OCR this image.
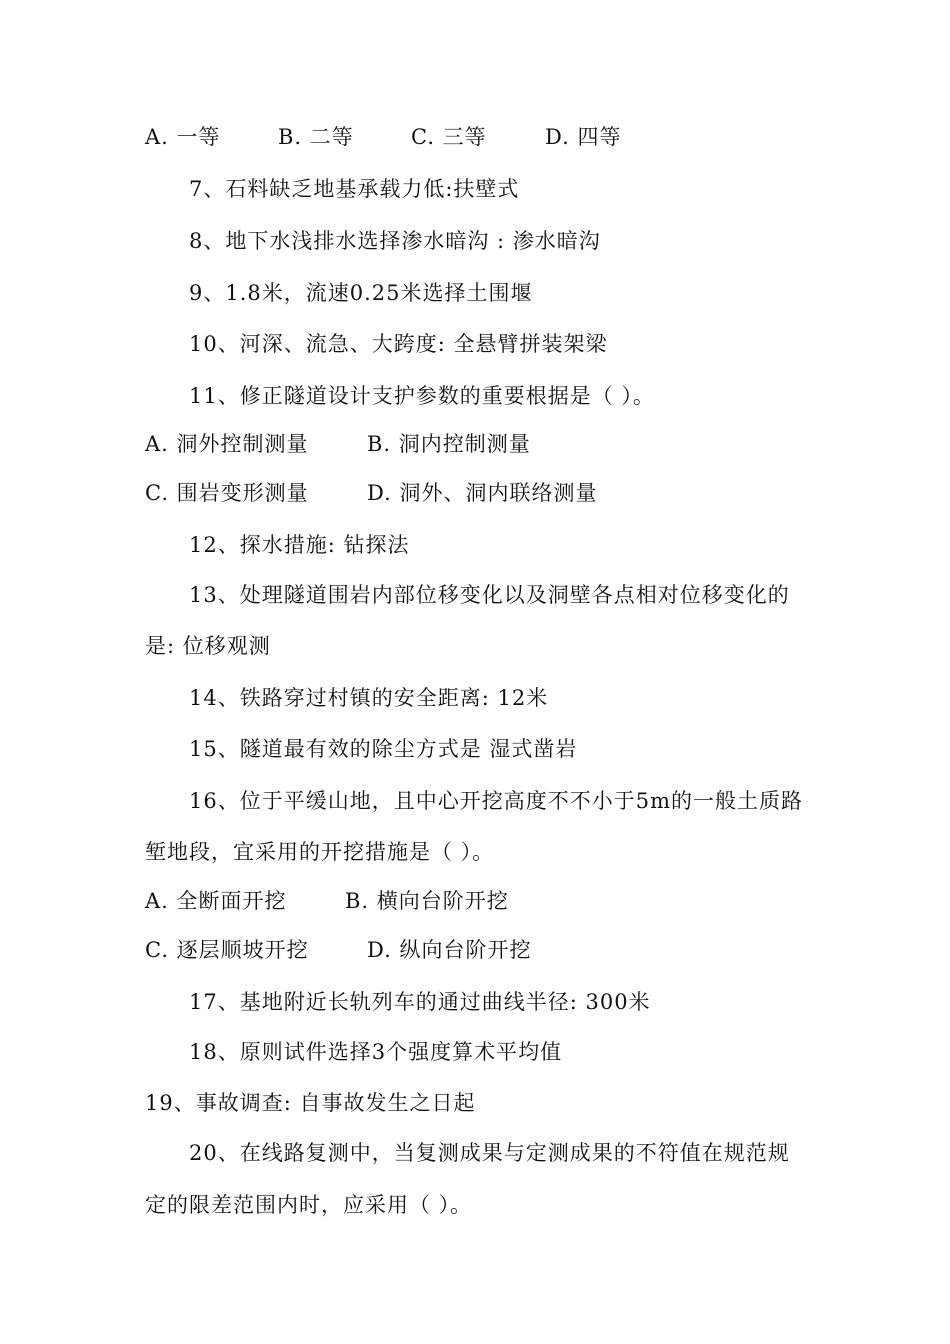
A. 一等	B. 二等	C. 三等	D. 四等
7、石料缺乏地基承载力低:扶壁式
8、地下水浅排水选择渗水暗沟 : 渗水暗沟
9、1.8米，流速0.25米选择土围堰
10、河深、流急、大跨度: 全悬臂拼装架梁
11、修正隧道设计支护参数的重要根据是（ ）。
A. 洞外控制测量	B. 洞内控制测量
C. 围岩变形测量	D. 洞外、洞内联络测量
12、探水措施: 钻探法
13、处理隧道围岩内部位移变化以及洞壁各点相对位移变化的
是: 位移观测
14、铁路穿过村镇的安全距离: 12米
15、隧道最有效的除尘方式是 湿式凿岩
16、位于平缓山地，且中心开挖高度不不小于5m的一般土质路
堑地段，宜采用的开挖措施是（ ）。
A. 全断面开挖	B. 横向台阶开挖
C. 逐层顺坡开挖	D. 纵向台阶开挖
17、基地附近长轨列车的通过曲线半径: 300米
18、原则试件选择3个强度算术平均值
19、事故调查: 自事故发生之日起
20、在线路复测中，当复测成果与定测成果的不符值在规范规
定的限差范围内时，应采用（ ）。
